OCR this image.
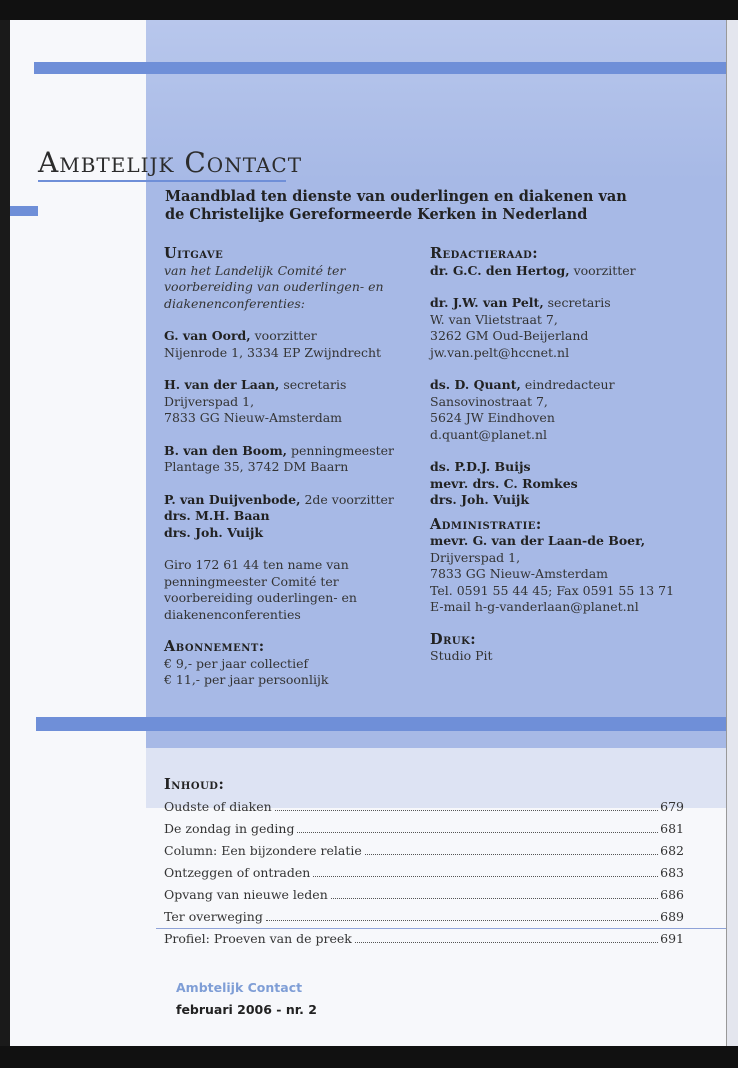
Ambtelijk Contact
Maandblad ten dienste van ouderlingen en diakenen van de Christelijke Gereformeerde Kerken in Nederland
Uitgave
van het Landelijk Comité ter voorbereiding van ouderlingen- en diakenenconferenties:
G. van Oord, voorzitter
Nijenrode 1, 3334 EP Zwijndrecht
H. van der Laan, secretaris
Drijverspad 1,
7833 GG Nieuw-Amsterdam
B. van den Boom, penningmeester
Plantage 35, 3742 DM Baarn
P. van Duijvenbode, 2de voorzitter
drs. M.H. Baan
drs. Joh. Vuijk
Giro 172 61 44 ten name van
penningmeester Comité ter
voorbereiding ouderlingen- en
diakenenconferenties
Abonnement:
€ 9,- per jaar collectief
€ 11,- per jaar persoonlijk
Redactieraad:
dr. G.C. den Hertog, voorzitter
dr. J.W. van Pelt, secretaris
W. van Vlietstraat 7,
3262 GM Oud-Beijerland
jw.van.pelt@hccnet.nl
ds. D. Quant, eindredacteur
Sansovinostraat 7,
5624 JW Eindhoven
d.quant@planet.nl
ds. P.D.J. Buijs
mevr. drs. C. Romkes
drs. Joh. Vuijk
Administratie:
mevr. G. van der Laan-de Boer,
Drijverspad 1,
7833 GG Nieuw-Amsterdam
Tel. 0591 55 44 45; Fax 0591 55 13 71
E-mail h-g-vanderlaan@planet.nl
Druk:
Studio Pit
Inhoud:
Oudste of diaken	679
De zondag in geding	681
Column: Een bijzondere relatie	682
Ontzeggen of ontraden	683
Opvang van nieuwe leden	686
Ter overweging	689
Profiel: Proeven van de preek	691
Ambtelijk Contact
februari 2006 - nr. 2
